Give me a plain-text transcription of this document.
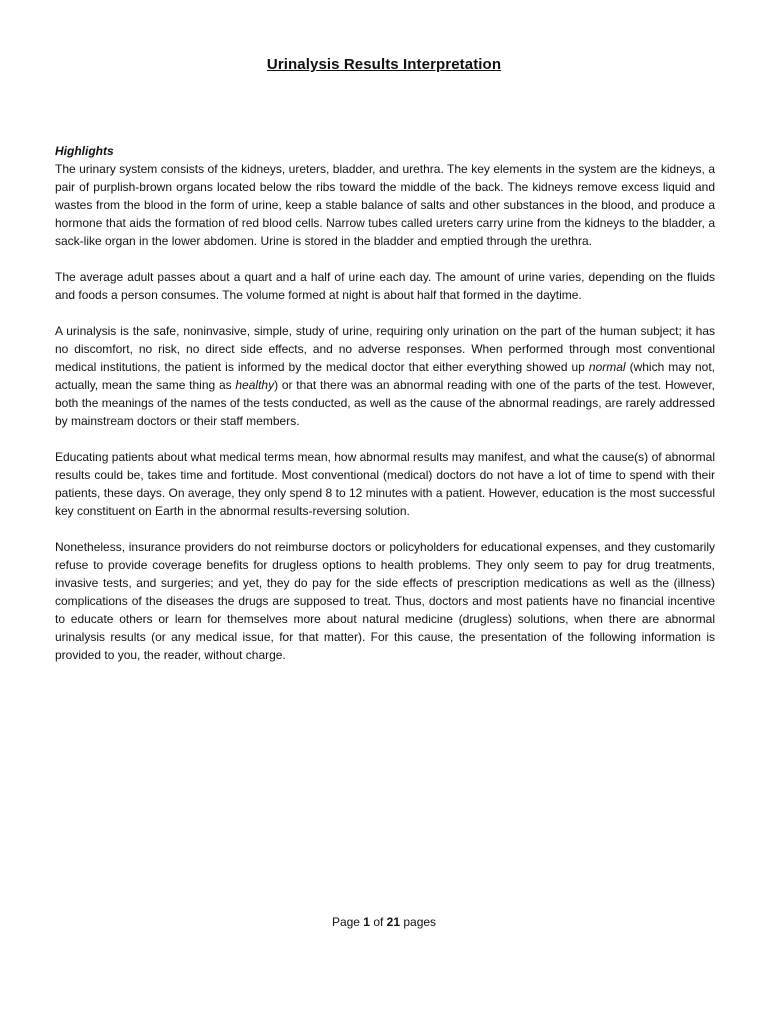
Urinalysis Results Interpretation

Highlights

The urinary system consists of the kidneys, ureters, bladder, and urethra. The key elements in the system are the kidneys, a pair of purplish-brown organs located below the ribs toward the middle of the back. The kidneys remove excess liquid and wastes from the blood in the form of urine, keep a stable balance of salts and other substances in the blood, and produce a hormone that aids the formation of red blood cells. Narrow tubes called ureters carry urine from the kidneys to the bladder, a sack-like organ in the lower abdomen. Urine is stored in the bladder and emptied through the urethra.

The average adult passes about a quart and a half of urine each day. The amount of urine varies, depending on the fluids and foods a person consumes. The volume formed at night is about half that formed in the daytime.

A urinalysis is the safe, noninvasive, simple, study of urine, requiring only urination on the part of the human subject; it has no discomfort, no risk, no direct side effects, and no adverse responses. When performed through most conventional medical institutions, the patient is informed by the medical doctor that either everything showed up normal (which may not, actually, mean the same thing as healthy) or that there was an abnormal reading with one of the parts of the test. However, both the meanings of the names of the tests conducted, as well as the cause of the abnormal readings, are rarely addressed by mainstream doctors or their staff members.

Educating patients about what medical terms mean, how abnormal results may manifest, and what the cause(s) of abnormal results could be, takes time and fortitude. Most conventional (medical) doctors do not have a lot of time to spend with their patients, these days. On average, they only spend 8 to 12 minutes with a patient. However, education is the most successful key constituent on Earth in the abnormal results-reversing solution.

Nonetheless, insurance providers do not reimburse doctors or policyholders for educational expenses, and they customarily refuse to provide coverage benefits for drugless options to health problems. They only seem to pay for drug treatments, invasive tests, and surgeries; and yet, they do pay for the side effects of prescription medications as well as the (illness) complications of the diseases the drugs are supposed to treat. Thus, doctors and most patients have no financial incentive to educate others or learn for themselves more about natural medicine (drugless) solutions, when there are abnormal urinalysis results (or any medical issue, for that matter). For this cause, the presentation of the following information is provided to you, the reader, without charge.

Page 1 of 21 pages
